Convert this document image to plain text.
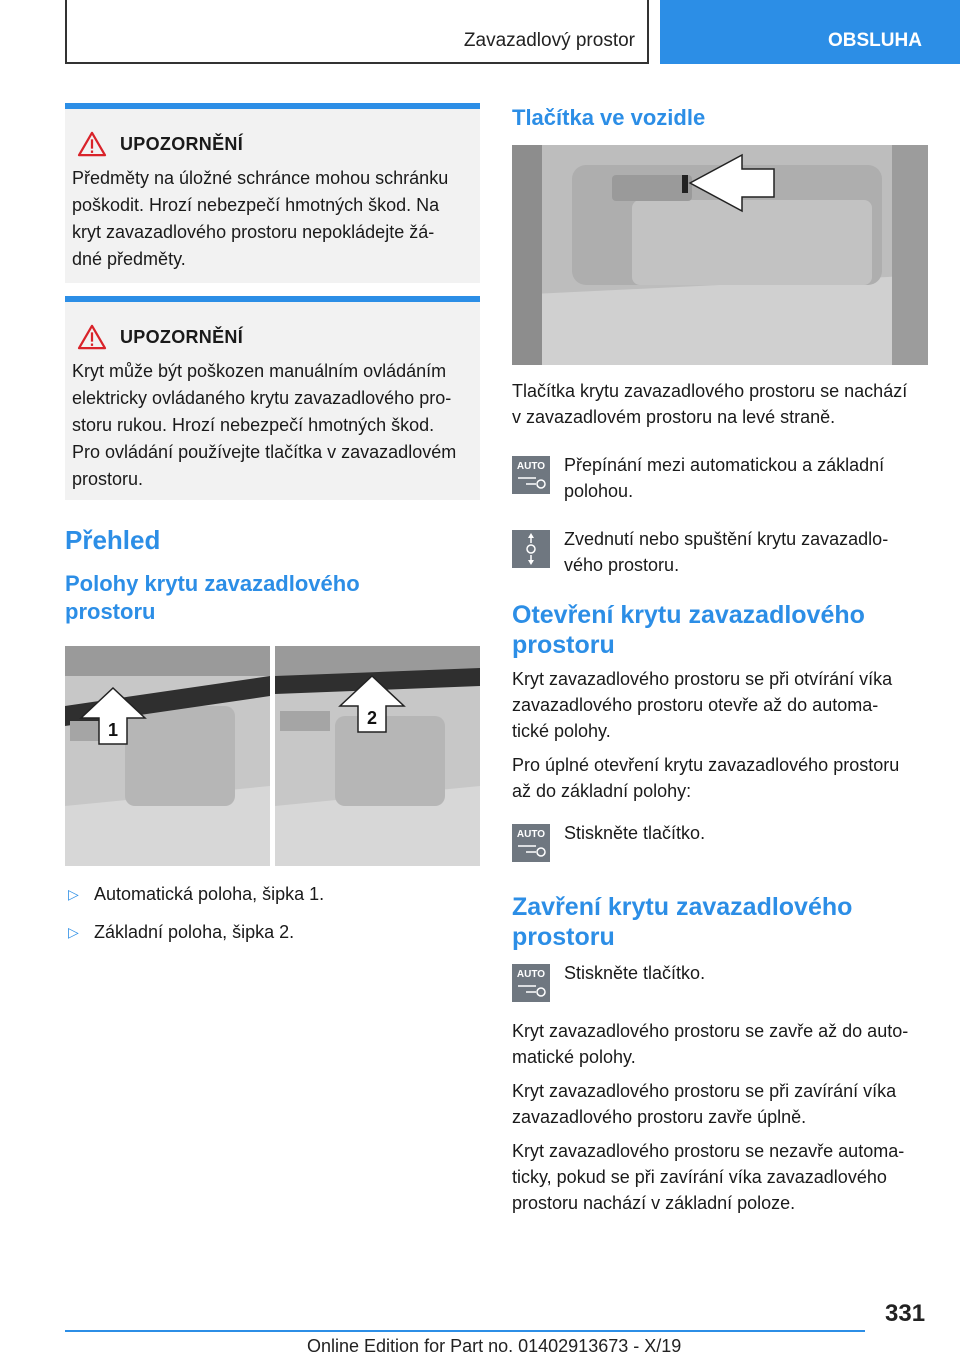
Zavazadlový prostor	OBSLUHA
UPOZORNĚNÍ
Předměty na úložné schránce mohou schránku
poškodit. Hrozí nebezpečí hmotných škod. Na
kryt zavazadlového prostoru nepokládejte žá-
dné předměty.
UPOZORNĚNÍ
Kryt může být poškozen manuálním ovládáním
elektricky ovládaného krytu zavazadlového pro-
storu rukou. Hrozí nebezpečí hmotných škod.
Pro ovládání používejte tlačítka v zavazadlovém
prostoru.
Přehled
Polohy krytu zavazadlového
prostoru
1
2
▷ Automatická poloha, šipka 1.
▷ Základní poloha, šipka 2.
Tlačítka ve vozidle

Tlačítka krytu zavazadlového prostoru se nachází
v zavazadlovém prostoru na levé straně.

AUTO Přepínání mezi automatickou a základní
polohou.
Zvednutí nebo spuštění krytu zavazadlo-
vého prostoru.
Otevření krytu zavazadlového
prostoru

Kryt zavazadlového prostoru se při otvírání víka
zavazadlového prostoru otevře až do automa-
tické polohy.

Pro úplné otevření krytu zavazadlového prostoru
až do základní polohy:

AUTO Stiskněte tlačítko.
Zavření krytu zavazadlového
prostoru
AUTO Stiskněte tlačítko.

Kryt zavazadlového prostoru se zavře až do auto-
matické polohy.

Kryt zavazadlového prostoru se při zavírání víka
zavazadlového prostoru zavře úplně.

Kryt zavazadlového prostoru se nezavře automa-
ticky, pokud se při zavírání víka zavazadlového
prostoru nachází v základní poloze.

331
Online Edition for Part no. 01402913673 - X/19
